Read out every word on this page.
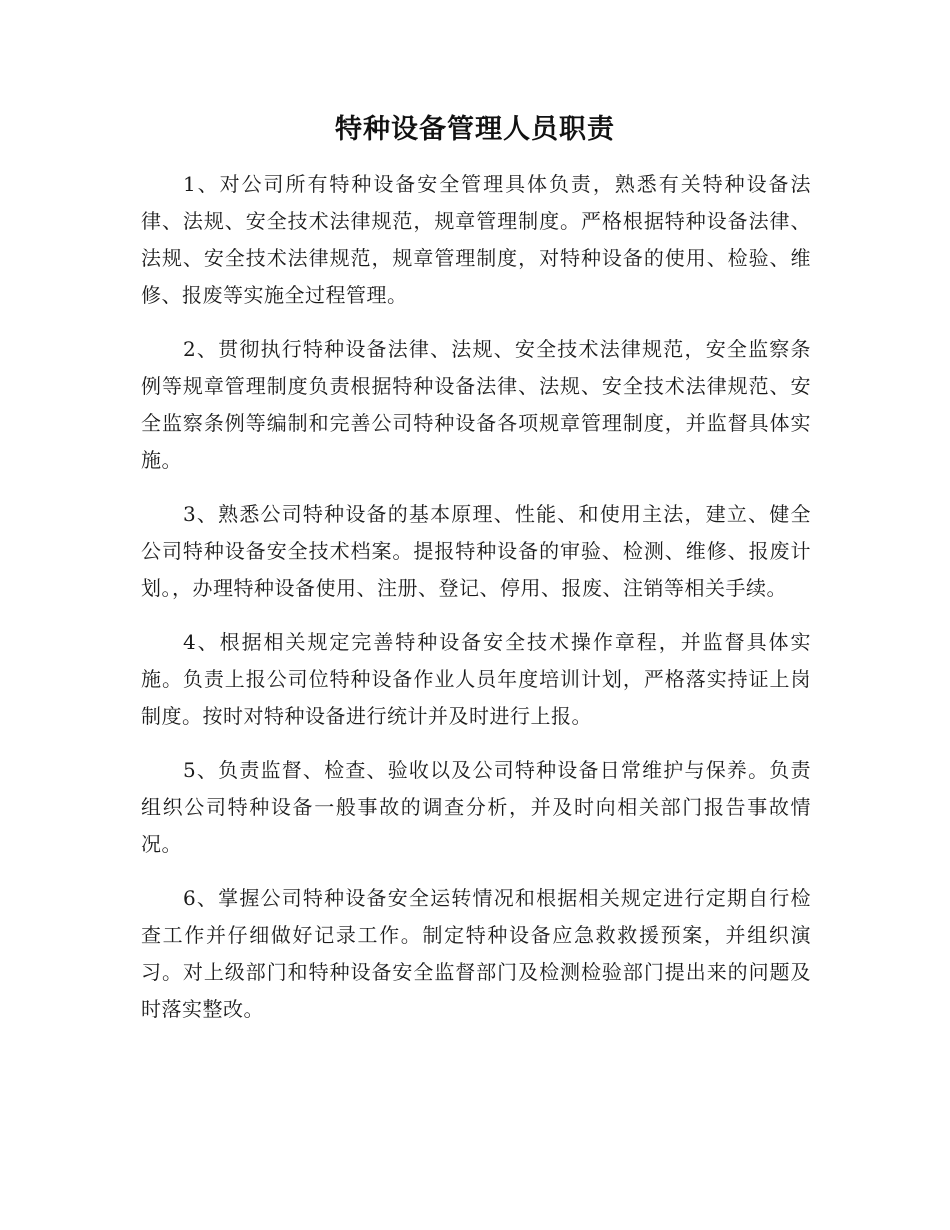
特种设备管理人员职责

1、对公司所有特种设备安全管理具体负责，熟悉有关特种设备法律、法规、安全技术法律规范，规章管理制度。严格根据特种设备法律、法规、安全技术法律规范，规章管理制度，对特种设备的使用、检验、维修、报废等实施全过程管理。

2、贯彻执行特种设备法律、法规、安全技术法律规范，安全监察条例等规章管理制度负责根据特种设备法律、法规、安全技术法律规范、安全监察条例等编制和完善公司特种设备各项规章管理制度，并监督具体实施。

3、熟悉公司特种设备的基本原理、性能、和使用主法，建立、健全公司特种设备安全技术档案。提报特种设备的审验、检测、维修、报废计划。，办理特种设备使用、注册、登记、停用、报废、注销等相关手续。

4、根据相关规定完善特种设备安全技术操作章程，并监督具体实施。负责上报公司位特种设备作业人员年度培训计划，严格落实持证上岗制度。按时对特种设备进行统计并及时进行上报。

5、负责监督、检查、验收以及公司特种设备日常维护与保养。负责组织公司特种设备一般事故的调查分析，并及时向相关部门报告事故情况。

6、掌握公司特种设备安全运转情况和根据相关规定进行定期自行检查工作并仔细做好记录工作。制定特种设备应急救救援预案，并组织演习。对上级部门和特种设备安全监督部门及检测检验部门提出来的问题及时落实整改。
